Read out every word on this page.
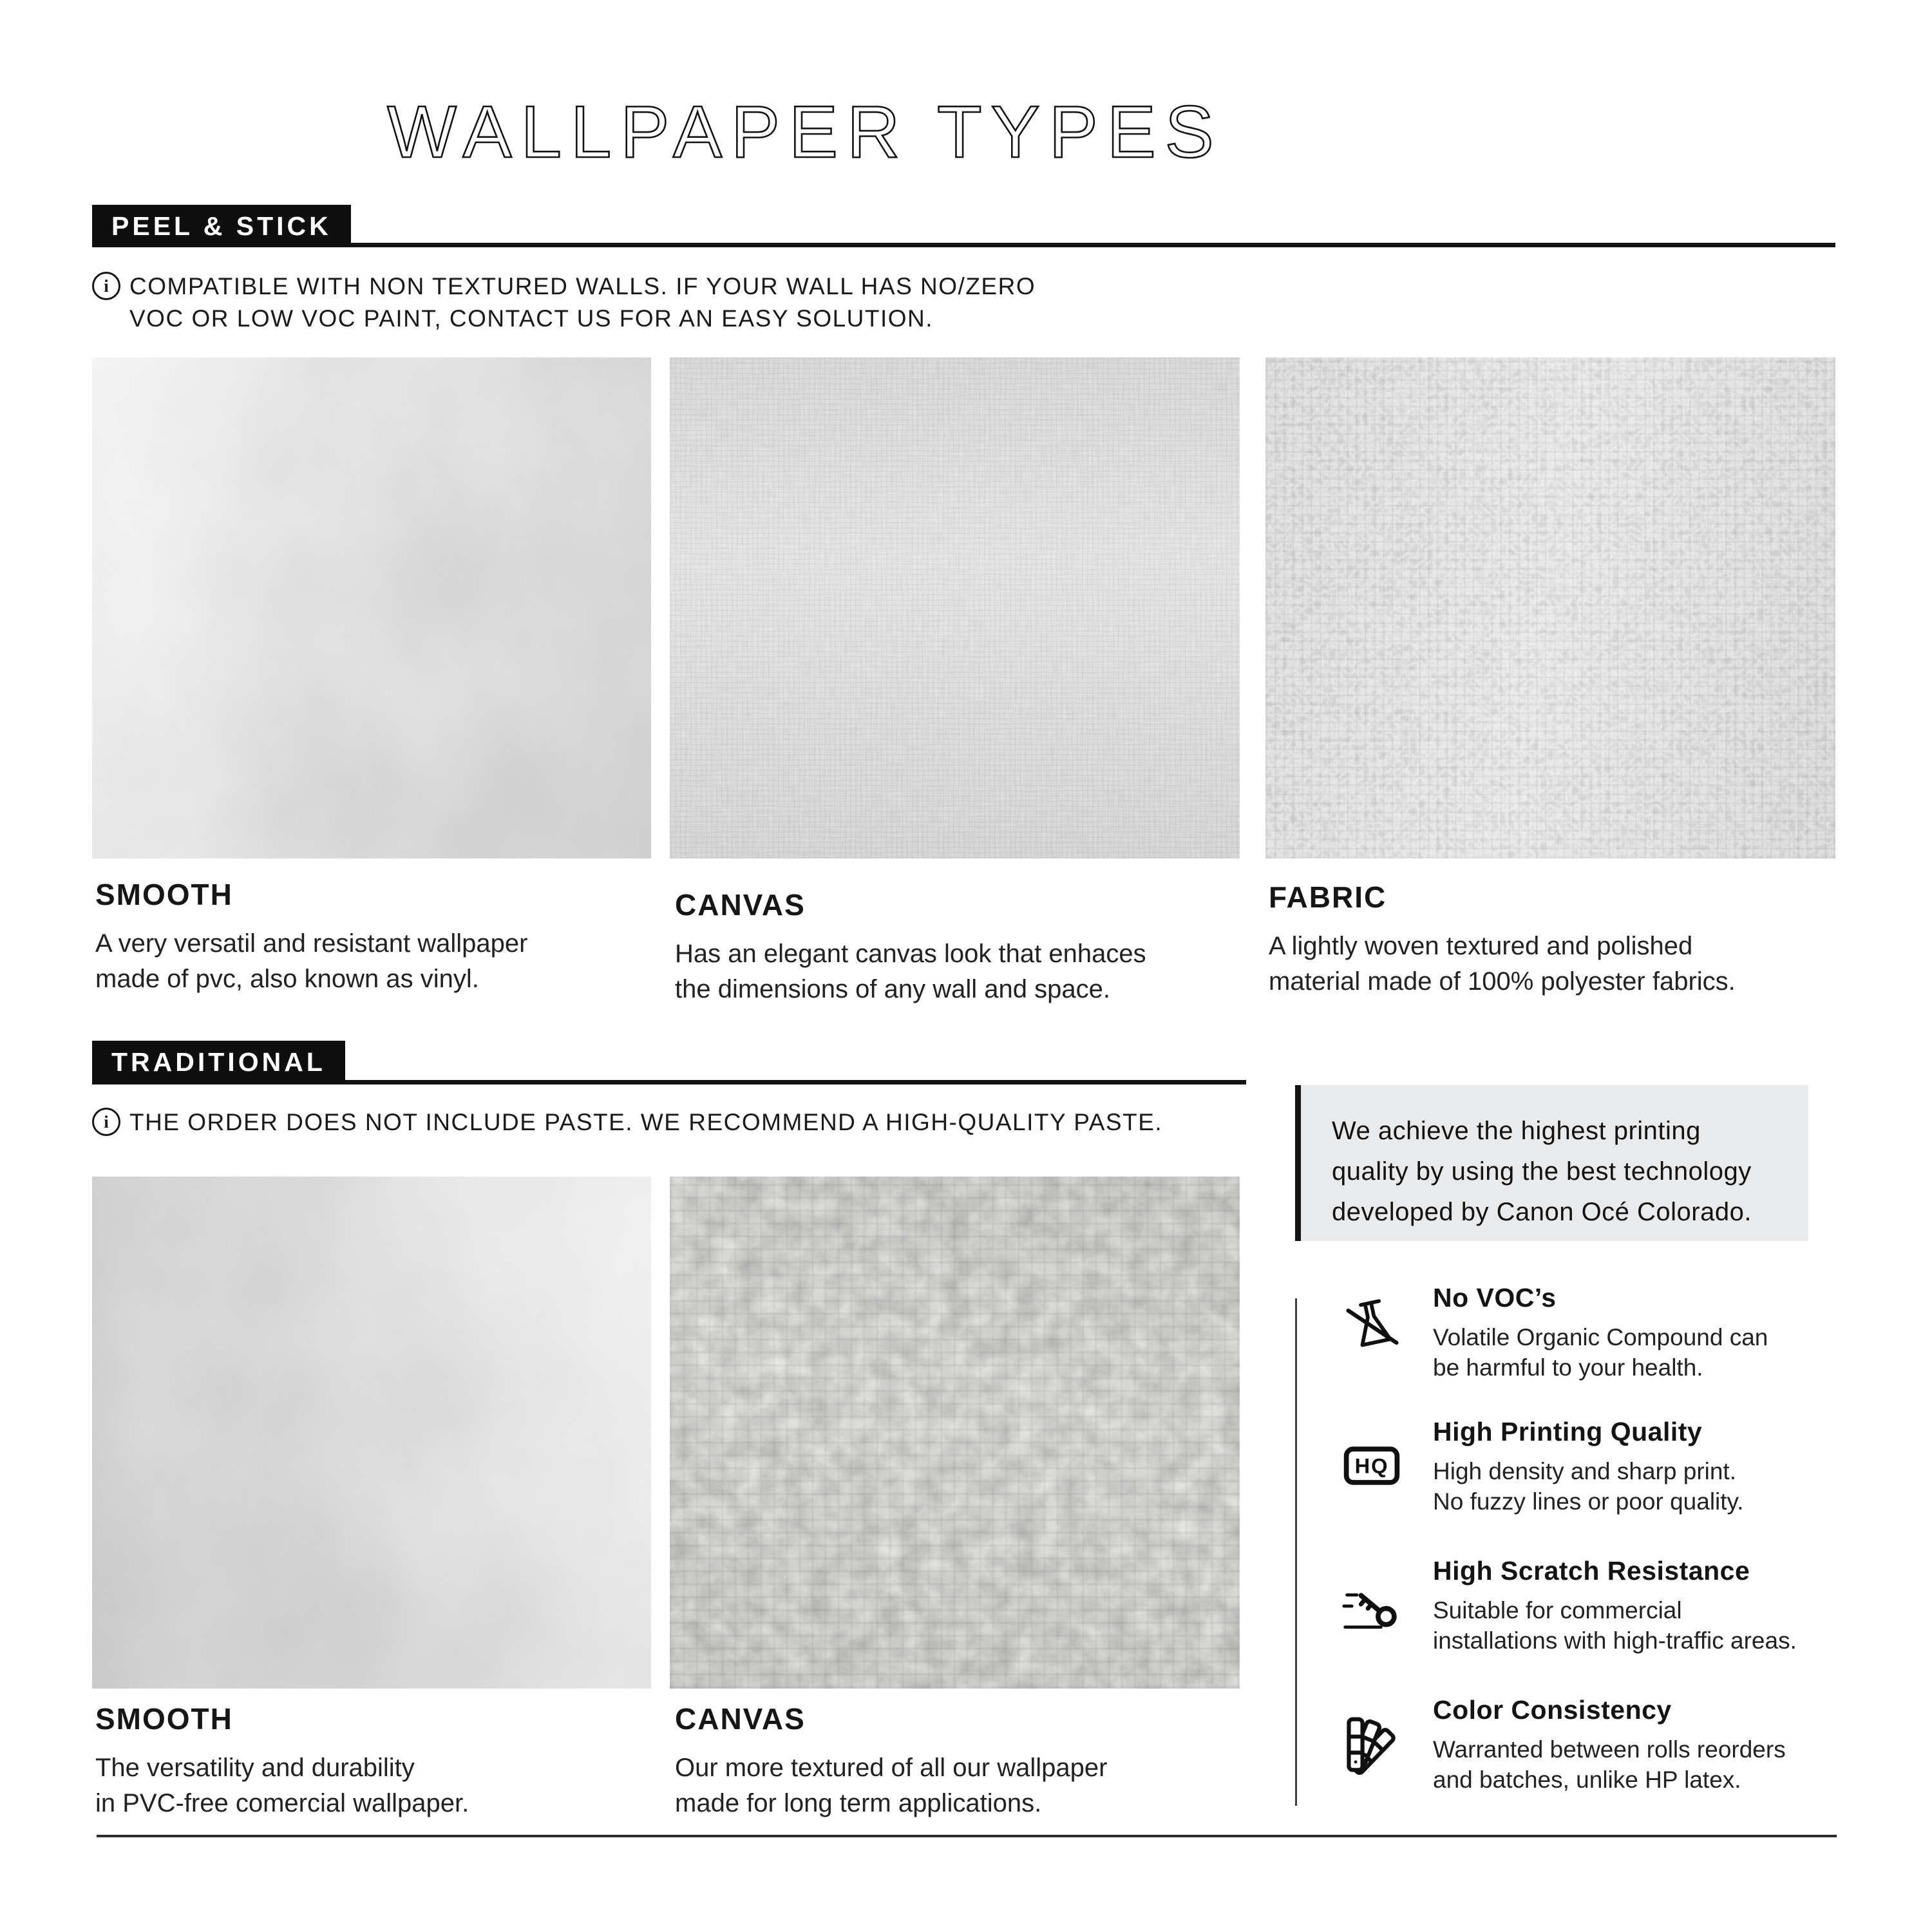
WALLPAPER TYPES
PEEL & STICK
i
COMPATIBLE WITH NON TEXTURED WALLS. IF YOUR WALL HAS NO/ZERO
VOC OR LOW VOC PAINT, CONTACT US FOR AN EASY SOLUTION.
SMOOTH
A very versatil and resistant wallpaper
made of pvc, also known as vinyl.
CANVAS
Has an elegant canvas look that enhaces
the dimensions of any wall and space.
FABRIC
A lightly woven textured and polished
material made of 100% polyester fabrics.
TRADITIONAL
i
THE ORDER DOES NOT INCLUDE PASTE. WE RECOMMEND A HIGH-QUALITY PASTE.
SMOOTH
The versatility and durability
in PVC-free comercial wallpaper.
CANVAS
Our more textured of all our wallpaper
made for long term applications.
We achieve the highest printing
quality by using the best technology
developed by Canon Océ Colorado.
No VOC’s
Volatile Organic Compound can
be harmful to your health.
HQ
High Printing Quality
High density and sharp print.
No fuzzy lines or poor quality.
High Scratch Resistance
Suitable for commercial
installations with high-traffic areas.
Color Consistency
Warranted between rolls reorders
and batches, unlike HP latex.
